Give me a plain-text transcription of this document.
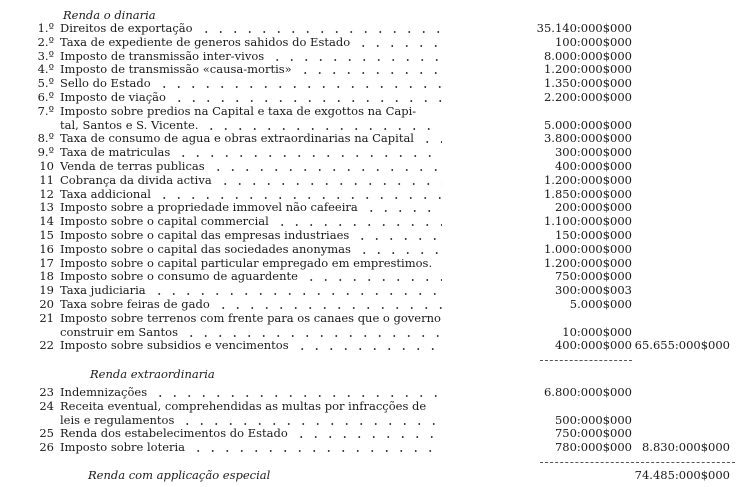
Renda o dinaria
1.º Direitos de exportação	35.140:000$000
2.º Taxa de expediente de generos sahidos do Estado	100:000$000
3.º Imposto de transmissão inter-vivos	8.000:000$000
4.º Imposto de transmissão «causa-mortis»	1.200:000$000
5.º Sello do Estado	1.350:000$000
6.º Imposto de viação	2.200:000$000
7.º Imposto sobre predios na Capital e taxa de exgottos na Capi-
tal, Santos e S. Vicente.	5.000:000$000
8.º Taxa de consumo de agua e obras extraordinarias na Capital	3.800:000$000
9.º Taxa de matriculas	300:000$000
10 Venda de terras publicas	400:000$000
11 Cobrança da divida activa	1.200:000$000
12 Taxa addicional	1.850:000$000
13 Imposto sobre a propriedade immovel não cafeeira	200:000$000
14 Imposto sobre o capital commercial	1.100:000$000
15 Imposto sobre o capital das empresas industriaes	150:000$000
16 Imposto sobre o capital das sociedades anonymas	1.000:000$000
17 Imposto sobre o capital particular empregado em emprestimos.	1.200:000$000
18 Imposto sobre o consumo de aguardente	750:000$000
19 Taxa judiciaria	300:000$003
20 Taxa sobre feiras de gado	5.000$000
21 Imposto sobre terrenos com frente para os canaes que o governo
construir em Santos	10:000$000
22 Imposto sobre subsidios e vencimentos	400:000$000 65.655:000$000
Renda extraordinaria
23 Indemnizações	6.800:000$000
24 Receita eventual, comprehendidas as multas por infracções de
leis e regulamentos	500:000$000
25 Renda dos estabelecimentos do Estado	750:000$000
26 Imposto sobre loteria	780:000$000 8.830:000$000
Renda com applicação especial	74.485:000$000
